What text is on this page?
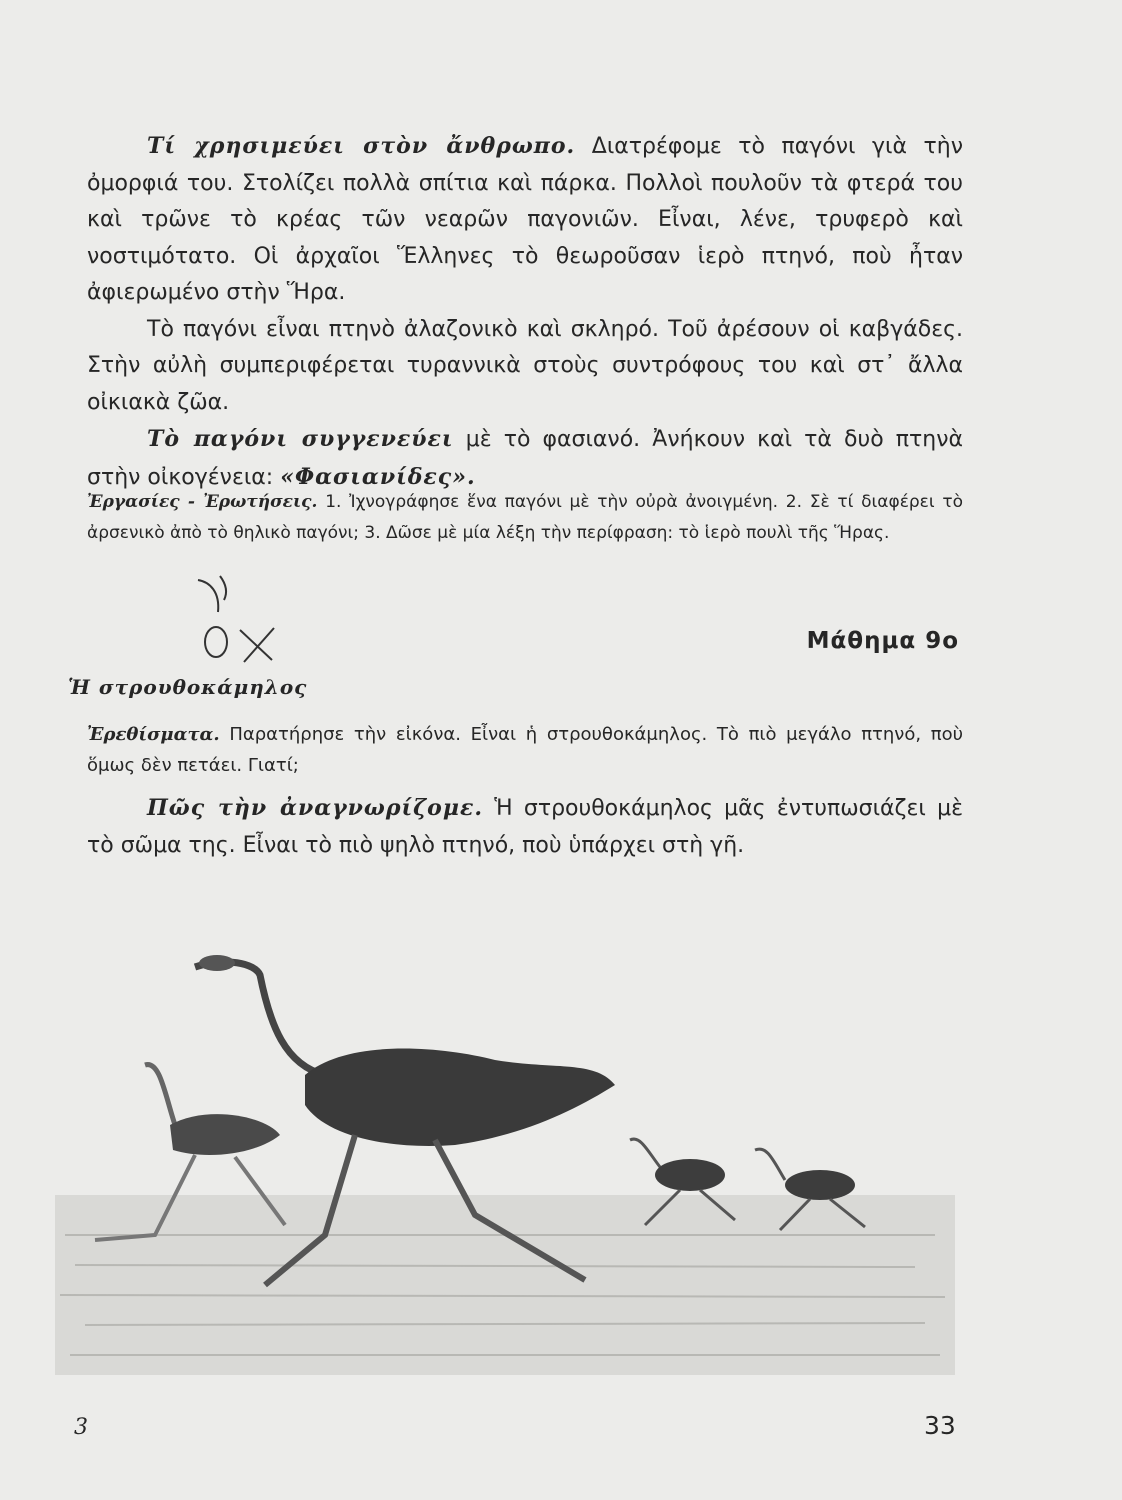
Τί χρησιμεύει στὸν ἄνθρωπο. Διατρέφομε τὸ παγόνι γιὰ τὴν ὀμορφιά του. Στολίζει πολλὰ σπίτια καὶ πάρκα. Πολλοὶ πουλοῦν τὰ φτερά του καὶ τρῶνε τὸ κρέας τῶν νεαρῶν παγονιῶν. Εἶναι, λένε, τρυφερὸ καὶ νοστιμότατο. Οἱ ἀρχαῖοι Ἕλληνες τὸ θεωροῦσαν ἱερὸ πτηνό, ποὺ ἦταν ἀφιερωμένο στὴν Ἥρα.

Τὸ παγόνι εἶναι πτηνὸ ἀλαζονικὸ καὶ σκληρό. Τοῦ ἀρέσουν οἱ καβγάδες. Στὴν αὐλὴ συμπεριφέρεται τυραννικὰ στοὺς συντρόφους του καὶ στ᾽ ἄλλα οἰκιακὰ ζῶα.

Τὸ παγόνι συγγενεύει μὲ τὸ φασιανό. Ἀνήκουν καὶ τὰ δυὸ πτηνὰ στὴν οἰκογένεια: «Φασιανίδες».

Ἐργασίες - Ἐρωτήσεις. 1. Ἰχνογράφησε ἕνα παγόνι μὲ τὴν οὐρὰ ἀνοιγμένη. 2. Σὲ τί διαφέρει τὸ ἀρσενικὸ ἀπὸ τὸ θηλικὸ παγόνι; 3. Δῶσε μὲ μία λέξη τὴν περίφραση: τὸ ἱερὸ πουλὶ τῆς Ἥρας.

Μάθημα 9ο
Ἡ στρουθοκάμηλος

Ἐρεθίσματα. Παρατήρησε τὴν εἰκόνα. Εἶναι ἡ στρουθοκάμηλος. Τὸ πιὸ μεγάλο πτηνό, ποὺ ὅμως δὲν πετάει. Γιατί;

Πῶς τὴν ἀναγνωρίζομε. Ἡ στρουθοκάμηλος μᾶς ἐντυπωσιάζει μὲ τὸ σῶμα της. Εἶναι τὸ πιὸ ψηλὸ πτηνό, ποὺ ὑπάρχει στὴ γῆ.

3	33
